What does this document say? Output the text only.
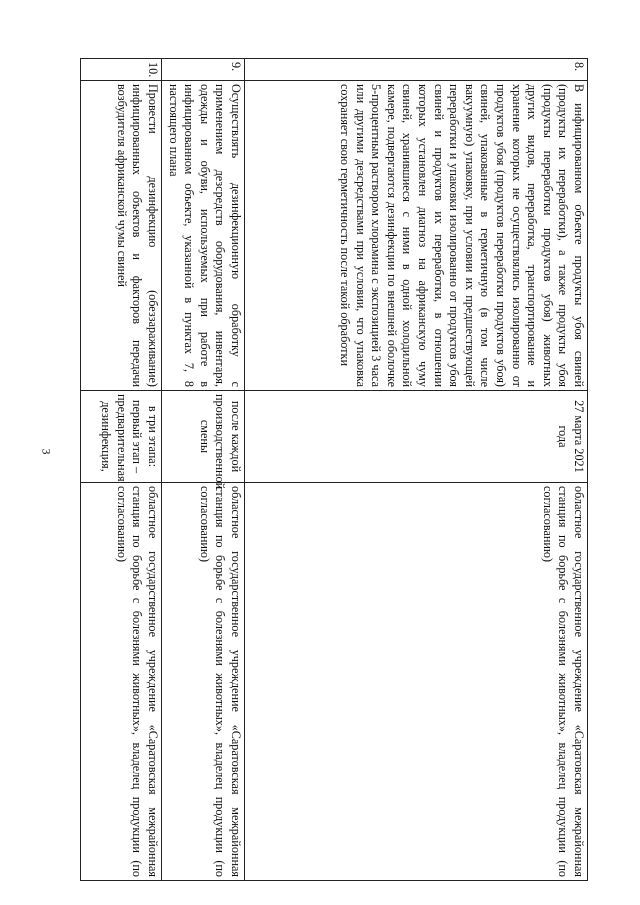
3
8.	В инфицированном объекте продукты убоя свиней (продукты их переработки), а также продукты убоя (продукты переработки продуктов убоя) животных других видов, переработка, транспортирование и хранение которых не осуществлялись изолированно от продуктов убоя (продуктов переработки продуктов убоя) свиней, упакованные в герметичную (в том числе вакуумную) упаковку, при условии их предшествующей переработки и упаковки изолированно от продуктов убоя свиней и продуктов их переработки, в отношении которых установлен диагноз на африканскую чуму свиней, хранившиеся с ними в одной холодильной камере, подвергаются дезинфекции по внешней оболочке 5-процентным раствором хлорамина с экспозицией 3 часа или другими дезсредствами при условии, что упаковка сохраняет свою герметичность после такой обработки	27 марта 2021 года	областное государственное учреждение «Саратовская межрайонная станция по борьбе с болезнями животных», владелец продукции (по согласованию)
9.	Осуществлять дезинфекционную обработку с применением дезсредств оборудования, инвентаря, одежды и обуви, используемых при работе в инфицированном объекте, указанной в пунктах 7, 8 настоящего плана	после каждой производственной смены	областное государственное учреждение «Саратовская межрайонная станция по борьбе с болезнями животных», владелец продукции (по согласованию)
10.	Провести дезинфекцию (обеззараживание) инфицированных объектов и факторов передачи возбудителя африканской чумы свиней	в три этапа: первый этап – предварительная дезинфекция,	областное государственное учреждение «Саратовская межрайонная станция по борьбе с болезнями животных», владелец продукции (по согласованию)
